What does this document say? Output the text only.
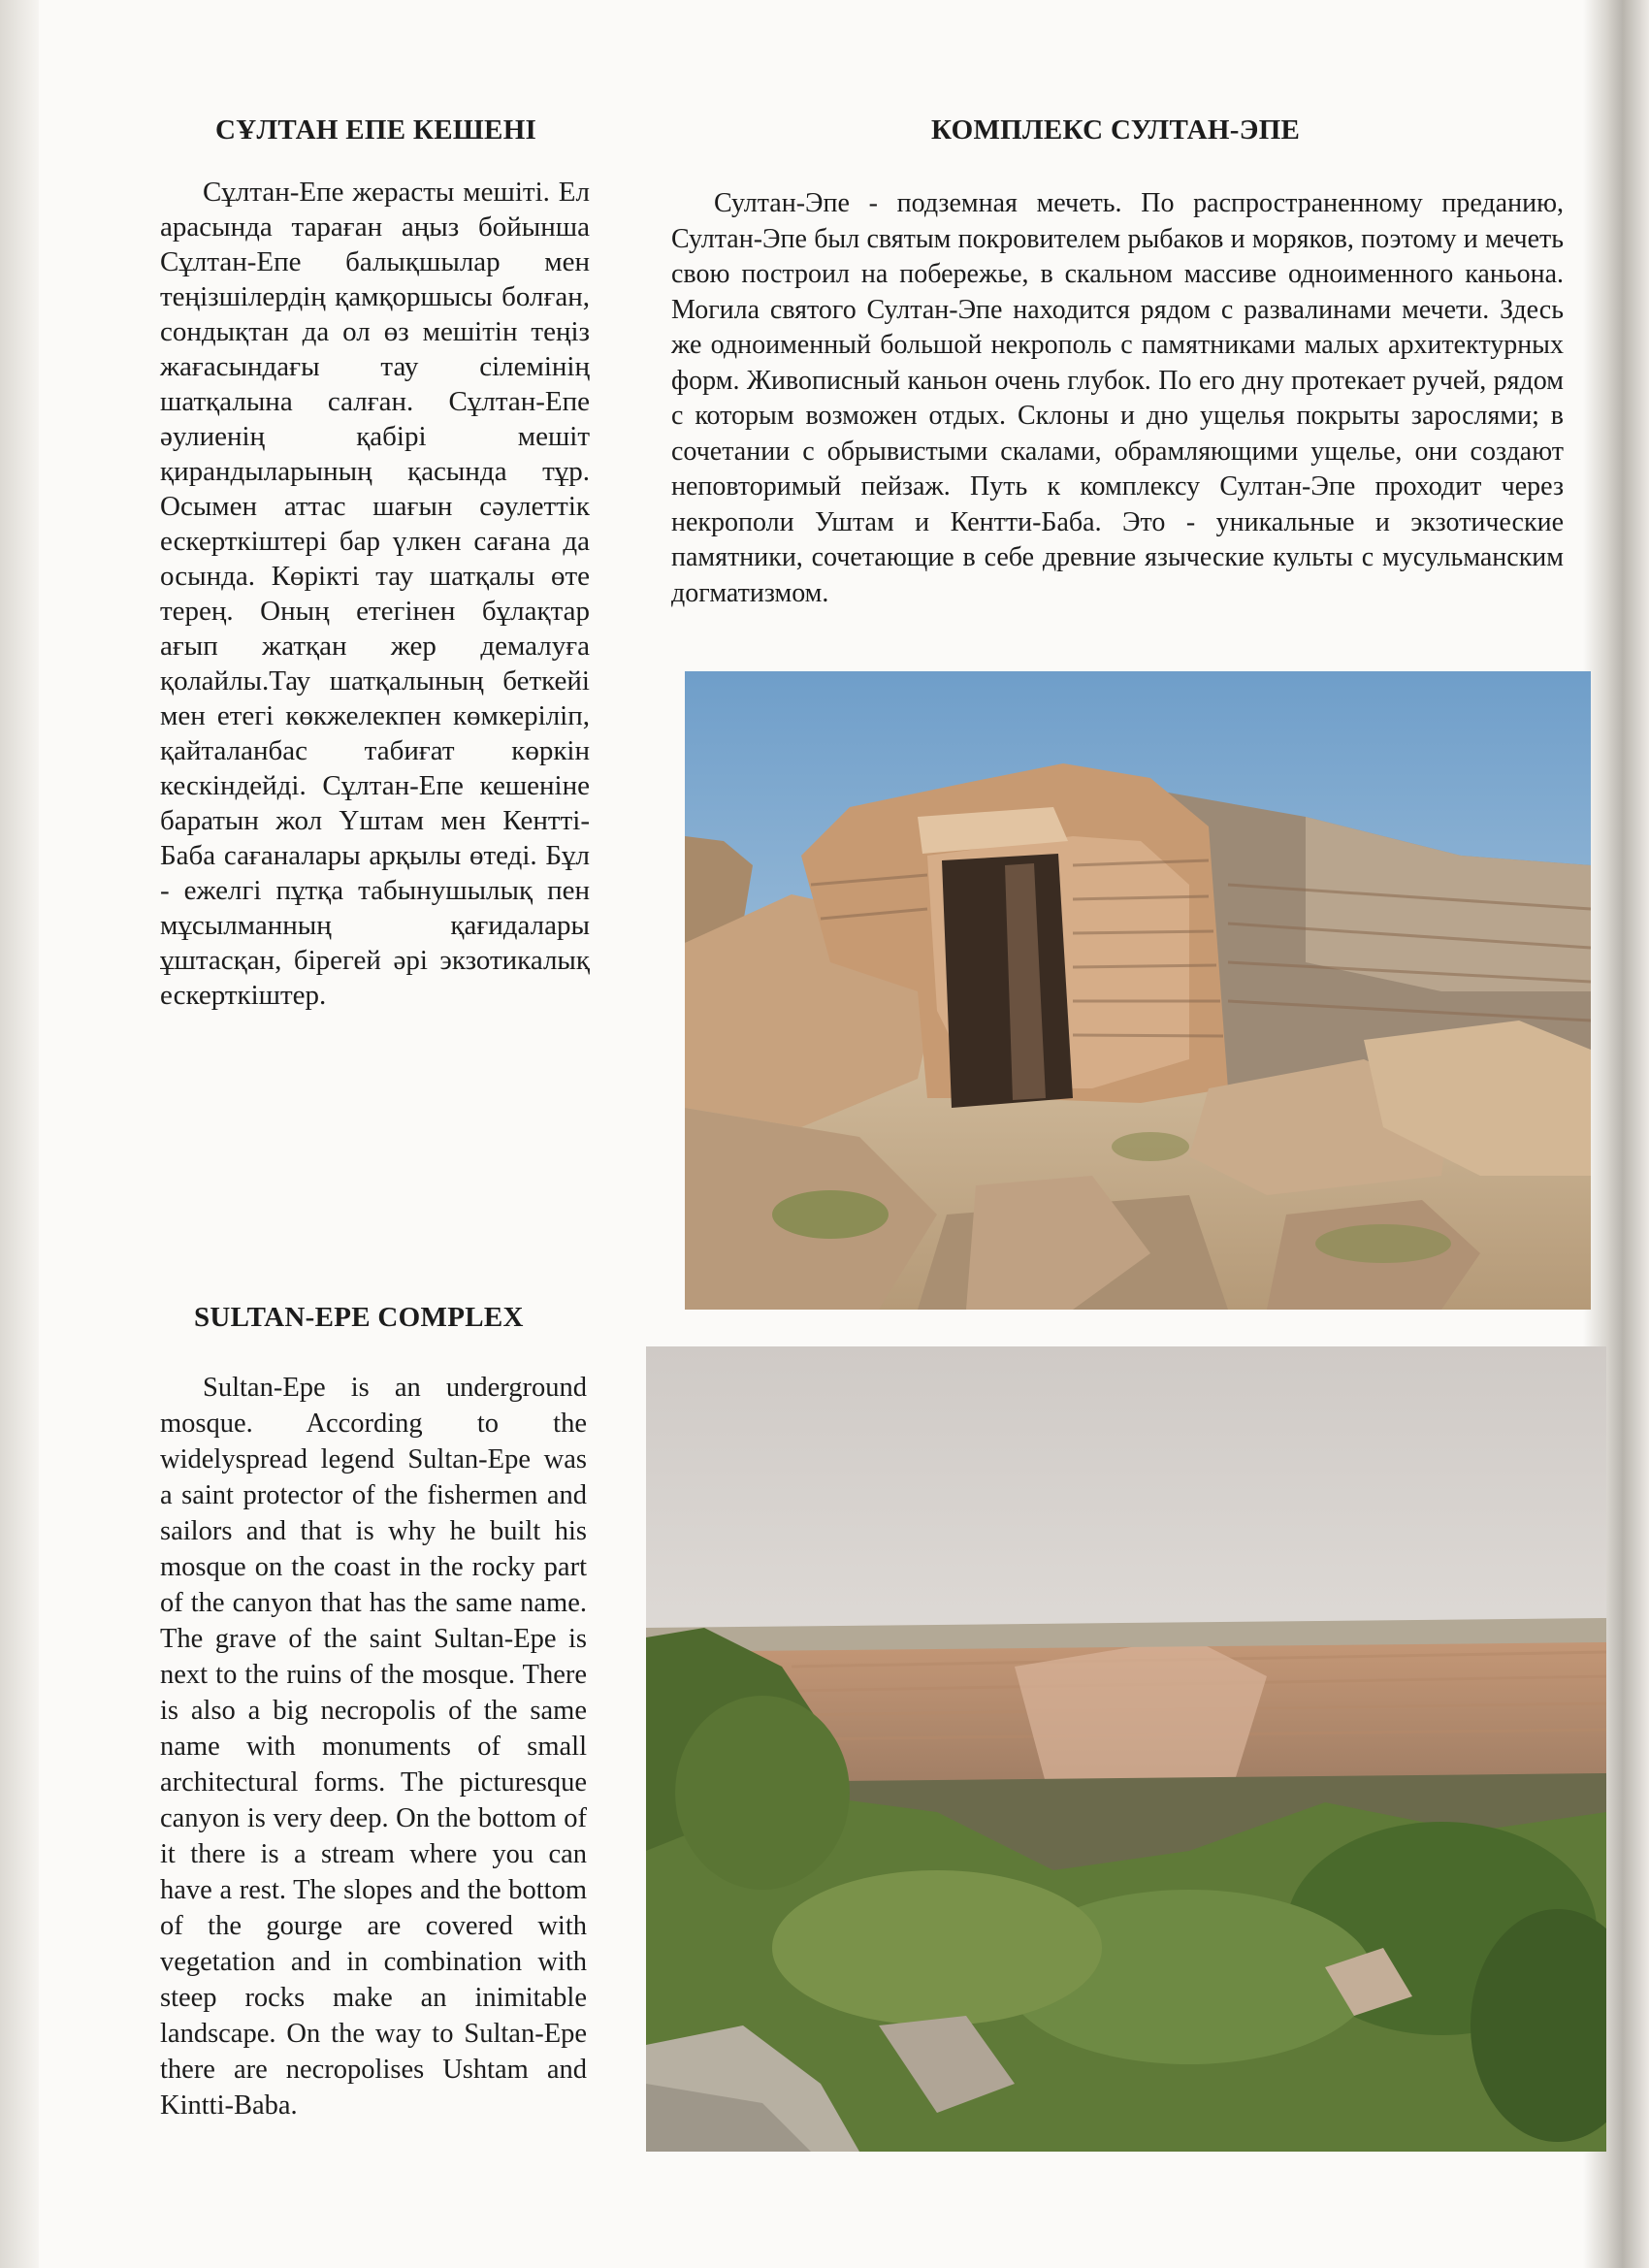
СҰЛТАН ЕПЕ КЕШЕНІ

Сұлтан-Епе жерасты мешіті. Ел арасында тараған аңыз бойынша Сұлтан-Епе балықшылар мен теңізшілердің қамқоршысы болған, сондықтан да ол өз мешітін теңіз жағасындағы тау сілемінің шатқалына салған. Сұлтан-Епе әулиенің қабірі мешіт қирандыларының қасында тұр. Осымен аттас шағын сәулеттік ескерткіштері бар үлкен сағана да осында. Көрікті тау шатқалы өте терең. Оның етегінен бұлақтар ағып жатқан жер демалуға қолайлы.Тау шатқалының беткейі мен етегі көкжелекпен көмкеріліп, қайталанбас табиғат көркін кескіндейді. Сұлтан-Епе кешеніне баратын жол Үштам мен Кентті-Баба сағаналары арқылы өтеді. Бұл - ежелгі пұтқа табынушылық пен мұсылманның қағидалары ұштасқан, бірегей әрі экзотикалық ескерткіштер.

КОМПЛЕКС СУЛТАН-ЭПЕ

Султан-Эпе - подземная мечеть. По распространенному преданию, Султан-Эпе был святым покровителем рыбаков и моряков, поэтому и мечеть свою построил на побережье, в скальном массиве одноименного каньона. Могила святого Султан-Эпе находится рядом с развалинами мечети. Здесь же одноименный большой некрополь с памятниками малых архитектурных форм. Живописный каньон очень глубок. По его дну протекает ручей, рядом с которым возможен отдых. Склоны и дно ущелья покрыты зарослями; в сочетании с обрывистыми скалами, обрамляющими ущелье, они создают неповторимый пейзаж. Путь к комплексу Султан-Эпе проходит через некрополи Уштам и Кентти-Баба. Это - уникальные и экзотические памятники, сочетающие в себе древние языческие культы с мусульманским догматизмом.

SULTAN-EPE COMPLEX

Sultan-Epe is an underground mosque. According to the widelyspread legend Sultan-Epe was a saint protector of the fishermen and sailors and that is why he built his mosque on the coast in the rocky part of the canyon that has the same name. The grave of the saint Sultan-Epe is next to the ruins of the mosque. There is also a big necropolis of the same name with monuments of small architectural forms. The picturesque canyon is very deep. On the bottom of it there is a stream where you can have a rest. The slopes and the bottom of the gourge are covered with vegetation and in combination with steep rocks make an inimitable landscape. On the way to Sultan-Epe there are necropolises Ushtam and Kintti-Baba.
